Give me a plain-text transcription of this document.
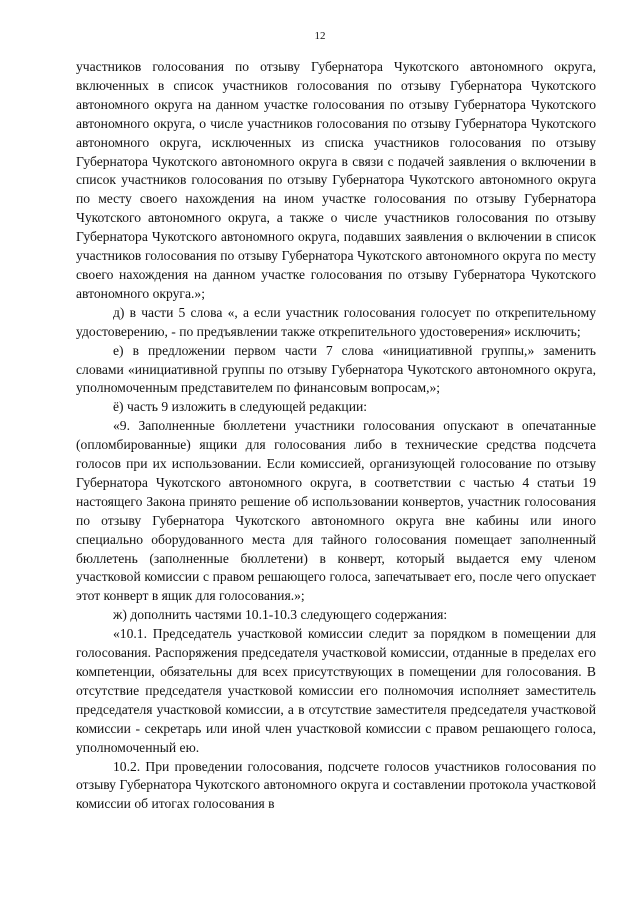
12

участников голосования по отзыву Губернатора Чукотского автономного округа, включенных в список участников голосования по отзыву Губернатора Чукотского автономного округа на данном участке голосования по отзыву Губернатора Чукотского автономного округа, о числе участников голосования по отзыву Губернатора Чукотского автономного округа, исключенных из списка участников голосования по отзыву Губернатора Чукотского автономного округа в связи с подачей заявления о включении в список участников голосования по отзыву Губернатора Чукотского автономного округа по месту своего нахождения на ином участке голосования по отзыву Губернатора Чукотского автономного округа, а также о числе участников голосования по отзыву Губернатора Чукотского автономного округа, подавших заявления о включении в список участников голосования по отзыву Губернатора Чукотского автономного округа по месту своего нахождения на данном участке голосования по отзыву Губернатора Чукотского автономного округа.»;

д) в части 5 слова «, а если участник голосования голосует по открепительному удостоверению, - по предъявлении также открепительного удостоверения» исключить;

е) в предложении первом части 7 слова «инициативной группы,» заменить словами «инициативной группы по отзыву Губернатора Чукотского автономного округа, уполномоченным представителем по финансовым вопросам,»;

ё) часть 9 изложить в следующей редакции:

«9. Заполненные бюллетени участники голосования опускают в опечатанные (опломбированные) ящики для голосования либо в технические средства подсчета голосов при их использовании. Если комиссией, организующей голосование по отзыву Губернатора Чукотского автономного округа, в соответствии с частью 4 статьи 19 настоящего Закона принято решение об использовании конвертов, участник голосования по отзыву Губернатора Чукотского автономного округа вне кабины или иного специально оборудованного места для тайного голосования помещает заполненный бюллетень (заполненные бюллетени) в конверт, который выдается ему членом участковой комиссии с правом решающего голоса, запечатывает его, после чего опускает этот конверт в ящик для голосования.»;

ж) дополнить частями 10.1-10.3 следующего содержания:

«10.1. Председатель участковой комиссии следит за порядком в помещении для голосования. Распоряжения председателя участковой комиссии, отданные в пределах его компетенции, обязательны для всех присутствующих в помещении для голосования. В отсутствие председателя участковой комиссии его полномочия исполняет заместитель председателя участковой комиссии, а в отсутствие заместителя председателя участковой комиссии - секретарь или иной член участковой комиссии с правом решающего голоса, уполномоченный ею.

10.2. При проведении голосования, подсчете голосов участников голосования по отзыву Губернатора Чукотского автономного округа и составлении протокола участковой комиссии об итогах голосования в
